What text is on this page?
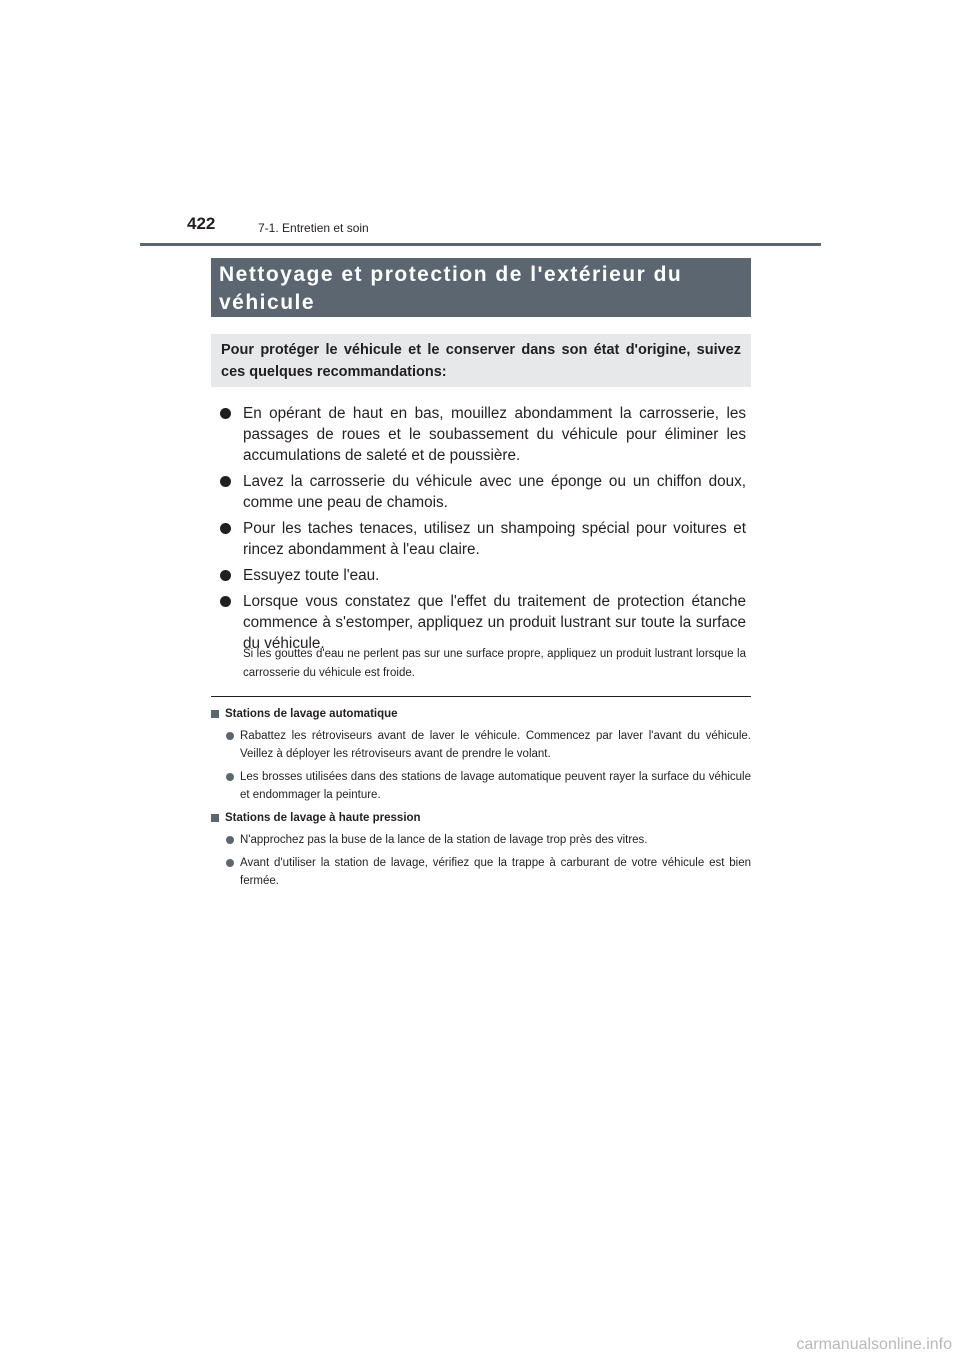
422	7-1. Entretien et soin
Nettoyage et protection de l'extérieur du
véhicule

Pour protéger le véhicule et le conserver dans son état d'origine, suivez ces quelques recommandations:

En opérant de haut en bas, mouillez abondamment la carrosserie, les passages de roues et le soubassement du véhicule pour éliminer les accumulations de saleté et de poussière.
Lavez la carrosserie du véhicule avec une éponge ou un chiffon doux, comme une peau de chamois.
Pour les taches tenaces, utilisez un shampoing spécial pour voitures et rincez abondamment à l'eau claire.
Essuyez toute l'eau.
Lorsque vous constatez que l'effet du traitement de protection étanche commence à s'estomper, appliquez un produit lustrant sur toute la surface du véhicule.

Si les gouttes d'eau ne perlent pas sur une surface propre, appliquez un produit lustrant lorsque la carrosserie du véhicule est froide.

Stations de lavage automatique
Rabattez les rétroviseurs avant de laver le véhicule. Commencez par laver l'avant du véhicule. Veillez à déployer les rétroviseurs avant de prendre le volant.
Les brosses utilisées dans des stations de lavage automatique peuvent rayer la surface du véhicule et endommager la peinture.
Stations de lavage à haute pression
N'approchez pas la buse de la lance de la station de lavage trop près des vitres.
Avant d'utiliser la station de lavage, vérifiez que la trappe à carburant de votre véhicule est bien fermée.
carmanualsonline.info
